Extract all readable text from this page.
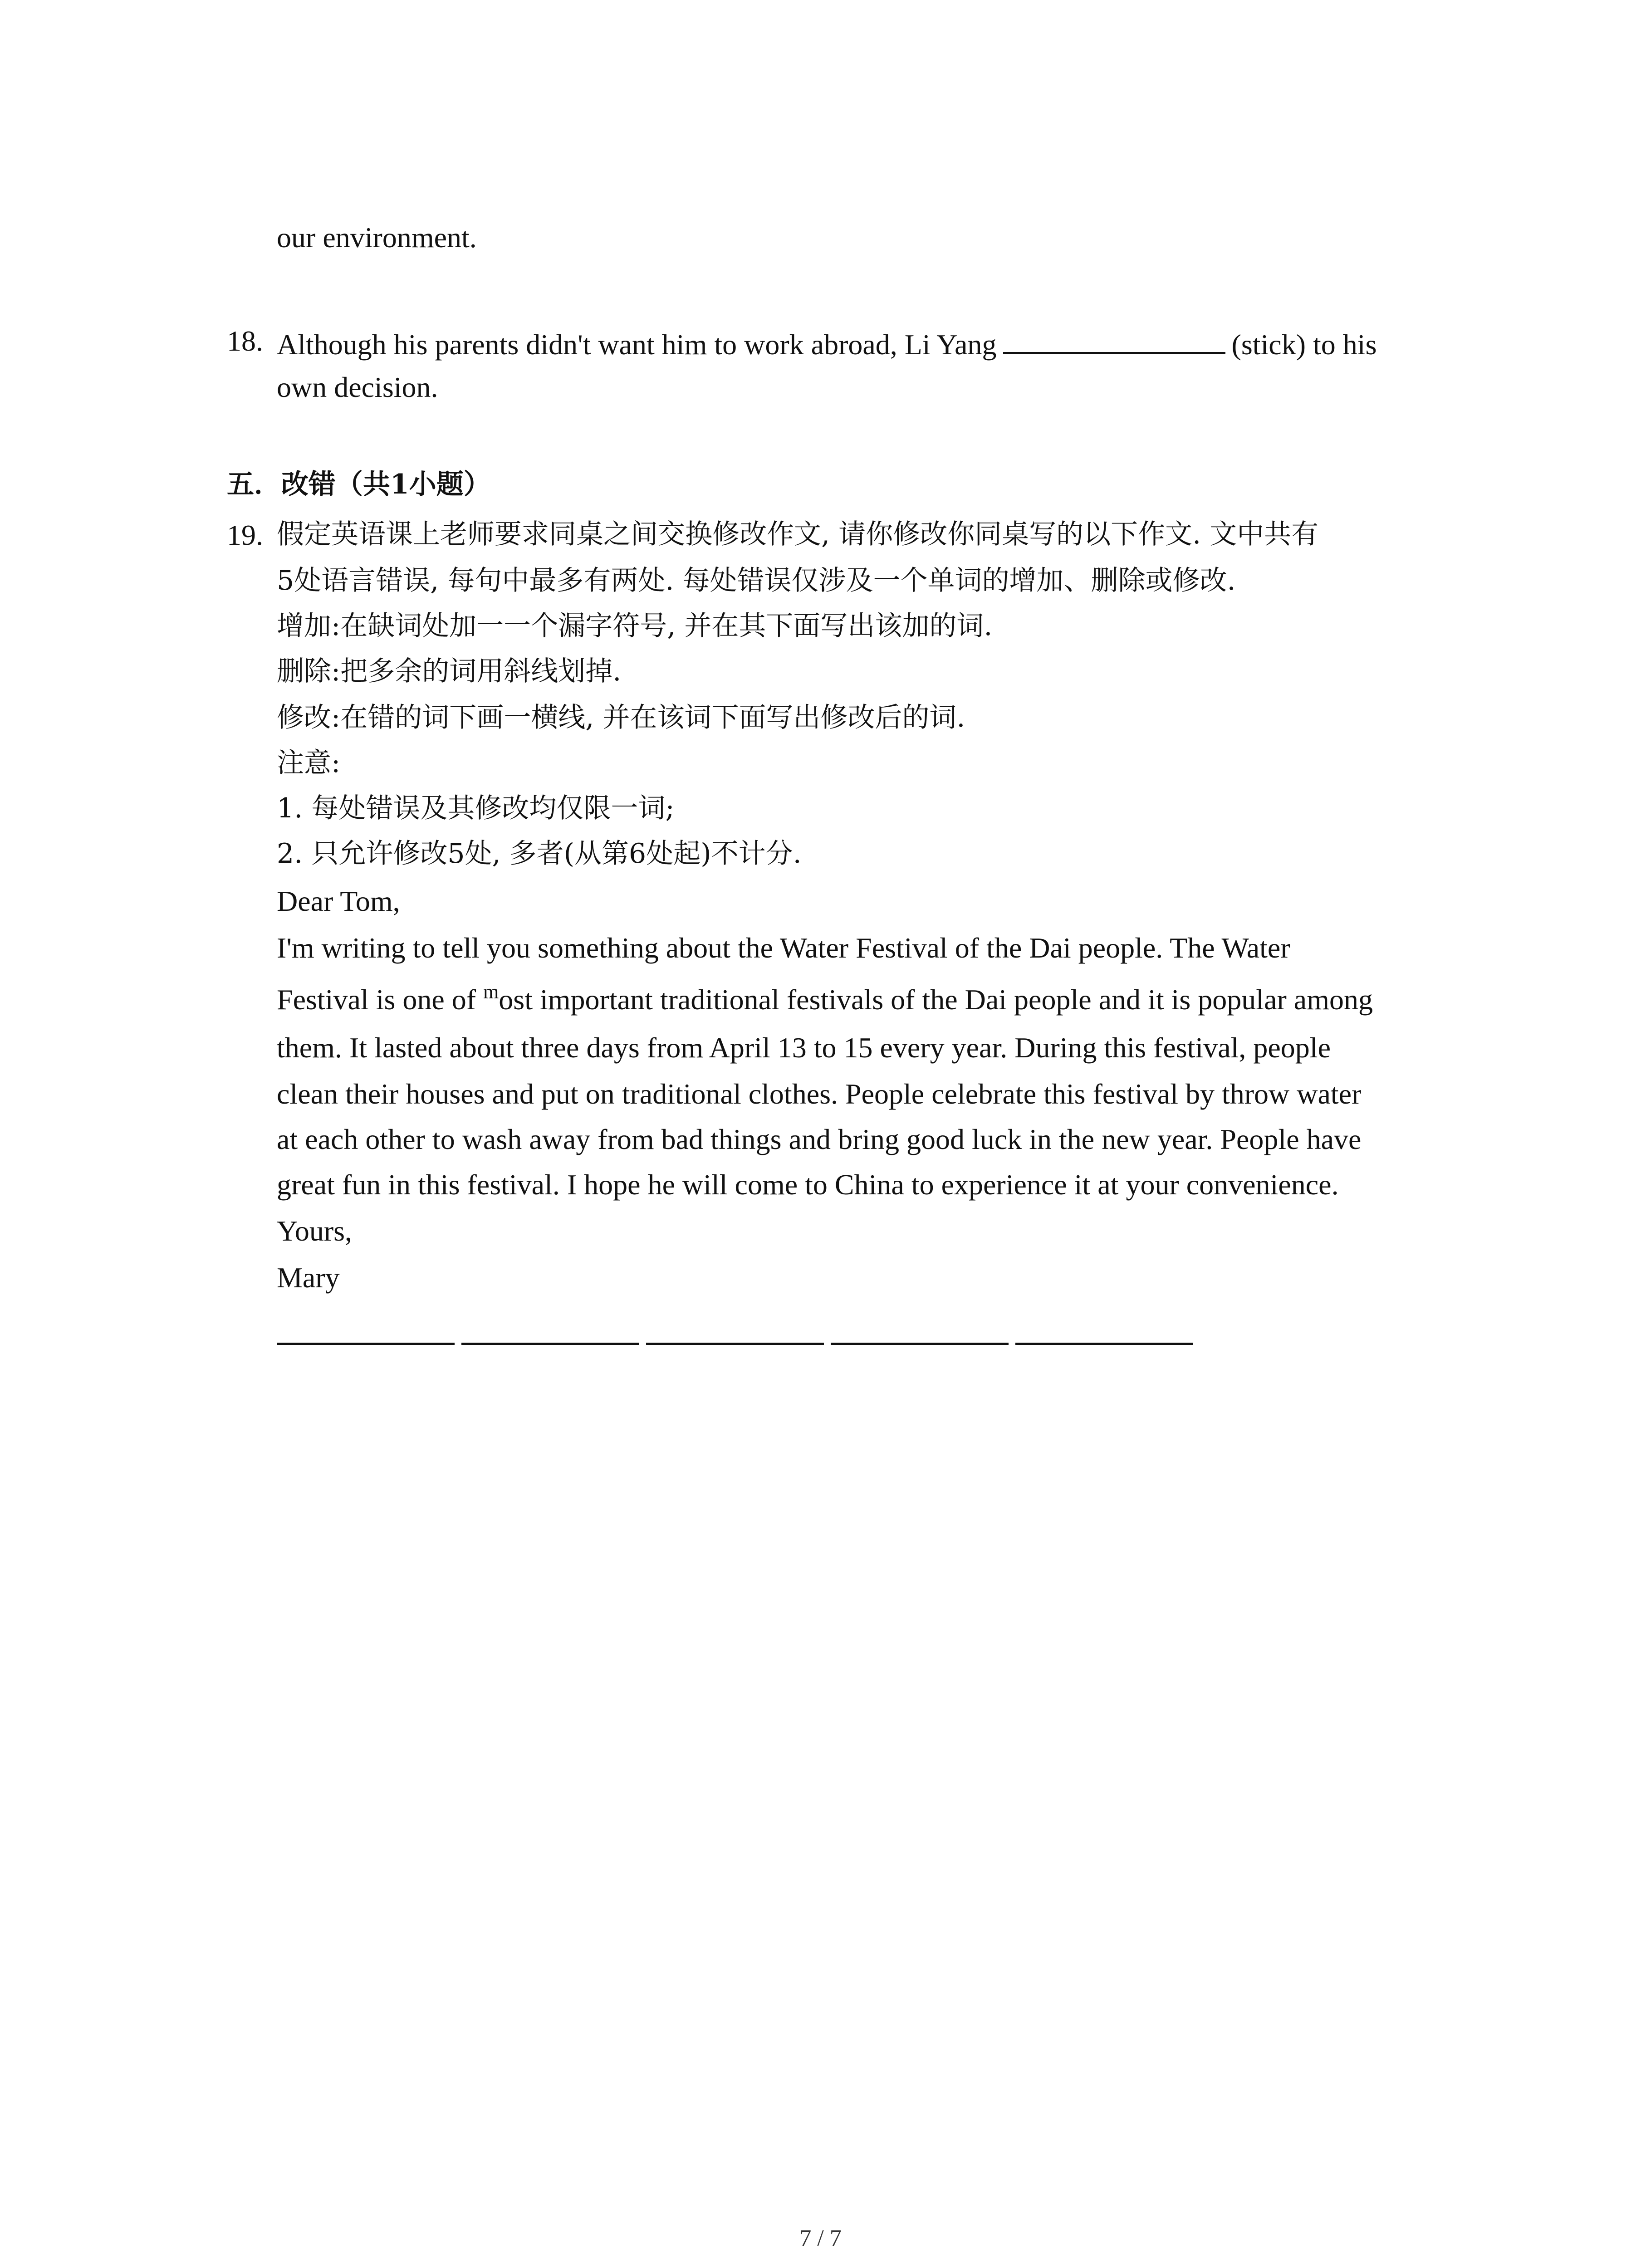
our environment.
18. Although his parents didn't want him to work abroad, Li Yang	(stick) to his
own decision.
五．改错（共1小题）
19. 假定英语课上老师要求同桌之间交换修改作文, 请你修改你同桌写的以下作文. 文中共有
5处语言错误, 每句中最多有两处. 每处错误仅涉及一个单词的增加、删除或修改.
增加:在缺词处加一一个漏字符号, 并在其下面写出该加的词.
删除:把多余的词用斜线划掉.
修改:在错的词下画一横线, 并在该词下面写出修改后的词.
注意:
1. 每处错误及其修改均仅限一词;
2. 只允许修改5处, 多者(从第6处起)不计分.
Dear Tom,
I'm writing to tell you something about the Water Festival of the Dai people. The Water
Festival is one of $^m$ost important traditional festivals of the Dai people and it is popular among
them. It lasted about three days from April 13 to 15 every year. During this festival, people
clean their houses and put on traditional clothes. People celebrate this festival by throw water
at each other to wash away from bad things and bring good luck in the new year. People have
great fun in this festival. I hope he will come to China to experience it at your convenience.
Yours,
Mary
7 / 7
